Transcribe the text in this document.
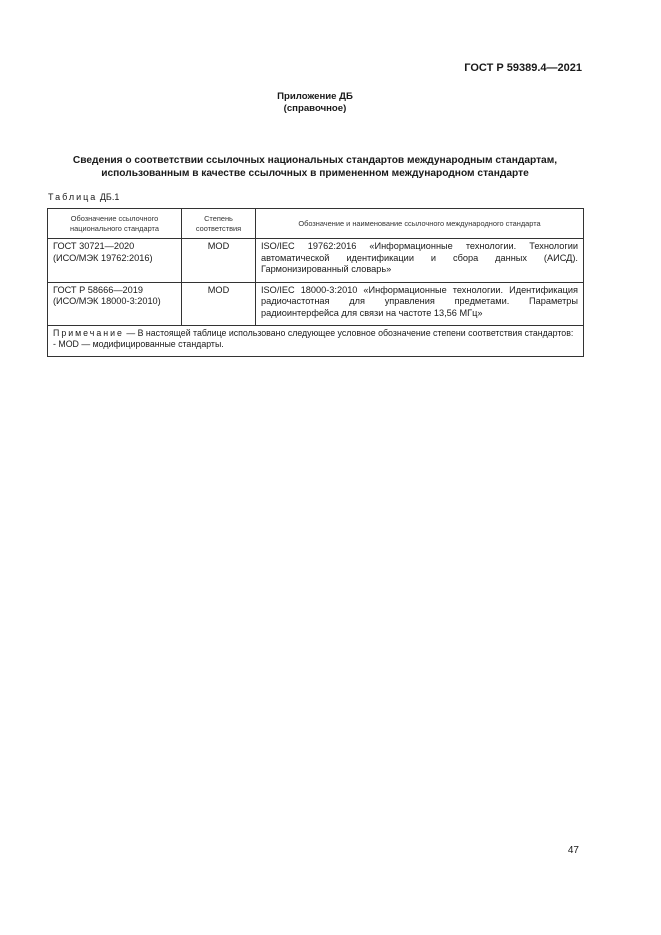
ГОСТ Р 59389.4—2021
Приложение ДБ
(справочное)
Сведения о соответствии ссылочных национальных стандартов международным стандартам,
использованным в качестве ссылочных в примененном международном стандарте
Таблица ДБ.1
Обозначение ссылочного национального стандарта	Степень соответствия	Обозначение и наименование ссылочного международного стандарта

ГОСТ 30721—2020
(ИСО/МЭК 19762:2016)	MOD	ISO/IEC 19762:2016 «Информационные технологии. Технологии автоматической идентификации и сбора данных (АИСД). Гармонизированный словарь»

ГОСТ Р 58666—2019
(ИСО/МЭК 18000-3:2010)	MOD	ISO/IEC 18000-3:2010 «Информационные технологии. Идентификация радиочастотная для управления предметами. Параметры радиоинтерфейса для связи на частоте 13,56 МГц»

Примечание — В настоящей таблице использовано следующее условное обозначение степени соответствия стандартов:
- MOD — модифицированные стандарты.		
47
